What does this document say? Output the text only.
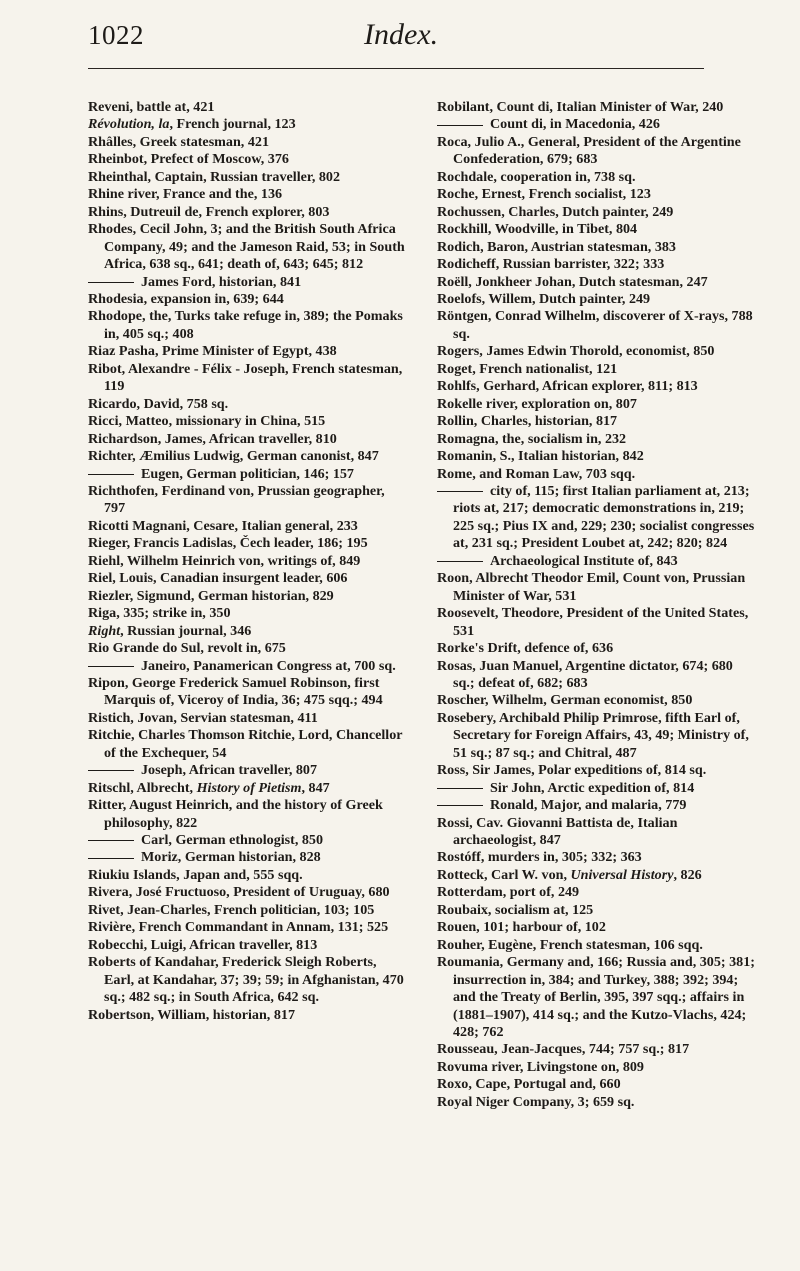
1022	Index.

Reveni, battle at, 421

Révolution, la, French journal, 123

Rhâlles, Greek statesman, 421

Rheinbot, Prefect of Moscow, 376

Rheinthal, Captain, Russian traveller, 802

Rhine river, France and the, 136

Rhins, Dutreuil de, French explorer, 803

Rhodes, Cecil John, 3; and the British South Africa Company, 49; and the Jameson Raid, 53; in South Africa, 638 sq., 641; death of, 643; 645; 812

James Ford, historian, 841

Rhodesia, expansion in, 639; 644

Rhodope, the, Turks take refuge in, 389; the Pomaks in, 405 sq.; 408

Riaz Pasha, Prime Minister of Egypt, 438

Ribot, Alexandre - Félix - Joseph, French statesman, 119

Ricardo, David, 758 sq.

Ricci, Matteo, missionary in China, 515

Richardson, James, African traveller, 810

Richter, Æmilius Ludwig, German canonist, 847

Eugen, German politician, 146; 157

Richthofen, Ferdinand von, Prussian geographer, 797

Ricotti Magnani, Cesare, Italian general, 233

Rieger, Francis Ladislas, Čech leader, 186; 195

Riehl, Wilhelm Heinrich von, writings of, 849

Riel, Louis, Canadian insurgent leader, 606

Riezler, Sigmund, German historian, 829

Riga, 335; strike in, 350

Right, Russian journal, 346

Rio Grande do Sul, revolt in, 675

Janeiro, Panamerican Congress at, 700 sq.

Ripon, George Frederick Samuel Robinson, first Marquis of, Viceroy of India, 36; 475 sqq.; 494

Ristich, Jovan, Servian statesman, 411

Ritchie, Charles Thomson Ritchie, Lord, Chancellor of the Exchequer, 54

Joseph, African traveller, 807

Ritschl, Albrecht, History of Pietism, 847

Ritter, August Heinrich, and the history of Greek philosophy, 822

Carl, German ethnologist, 850

Moriz, German historian, 828

Riukiu Islands, Japan and, 555 sqq.

Rivera, José Fructuoso, President of Uruguay, 680

Rivet, Jean-Charles, French politician, 103; 105

Rivière, French Commandant in Annam, 131; 525

Robecchi, Luigi, African traveller, 813

Roberts of Kandahar, Frederick Sleigh Roberts, Earl, at Kandahar, 37; 39; 59; in Afghanistan, 470 sq.; 482 sq.; in South Africa, 642 sq.

Robertson, William, historian, 817

Robilant, Count di, Italian Minister of War, 240

Count di, in Macedonia, 426

Roca, Julio A., General, President of the Argentine Confederation, 679; 683

Rochdale, cooperation in, 738 sq.

Roche, Ernest, French socialist, 123

Rochussen, Charles, Dutch painter, 249

Rockhill, Woodville, in Tibet, 804

Rodich, Baron, Austrian statesman, 383

Rodicheff, Russian barrister, 322; 333

Roëll, Jonkheer Johan, Dutch statesman, 247

Roelofs, Willem, Dutch painter, 249

Röntgen, Conrad Wilhelm, discoverer of X-rays, 788 sq.

Rogers, James Edwin Thorold, economist, 850

Roget, French nationalist, 121

Rohlfs, Gerhard, African explorer, 811; 813

Rokelle river, exploration on, 807

Rollin, Charles, historian, 817

Romagna, the, socialism in, 232

Romanin, S., Italian historian, 842

Rome, and Roman Law, 703 sqq.

city of, 115; first Italian parliament at, 213; riots at, 217; democratic demonstrations in, 219; 225 sq.; Pius IX and, 229; 230; socialist congresses at, 231 sq.; President Loubet at, 242; 820; 824

Archaeological Institute of, 843

Roon, Albrecht Theodor Emil, Count von, Prussian Minister of War, 531

Roosevelt, Theodore, President of the United States, 531

Rorke's Drift, defence of, 636

Rosas, Juan Manuel, Argentine dictator, 674; 680 sq.; defeat of, 682; 683

Roscher, Wilhelm, German economist, 850

Rosebery, Archibald Philip Primrose, fifth Earl of, Secretary for Foreign Affairs, 43, 49; Ministry of, 51 sq.; 87 sq.; and Chitral, 487

Ross, Sir James, Polar expeditions of, 814 sq.

Sir John, Arctic expedition of, 814

Ronald, Major, and malaria, 779

Rossi, Cav. Giovanni Battista de, Italian archaeologist, 847

Rostóff, murders in, 305; 332; 363

Rotteck, Carl W. von, Universal History, 826

Rotterdam, port of, 249

Roubaix, socialism at, 125

Rouen, 101; harbour of, 102

Rouher, Eugène, French statesman, 106 sqq.

Roumania, Germany and, 166; Russia and, 305; 381; insurrection in, 384; and Turkey, 388; 392; 394; and the Treaty of Berlin, 395, 397 sqq.; affairs in (1881–1907), 414 sq.; and the Kutzo-Vlachs, 424; 428; 762

Rousseau, Jean-Jacques, 744; 757 sq.; 817

Rovuma river, Livingstone on, 809

Roxo, Cape, Portugal and, 660

Royal Niger Company, 3; 659 sq.
